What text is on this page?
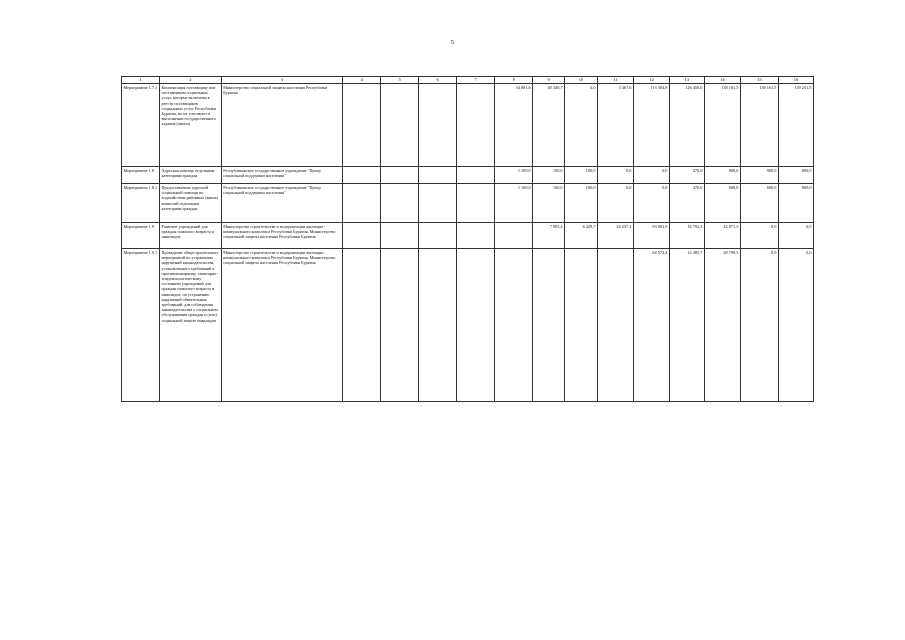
5
1	2	3	4	5	6	7	8	9	10	11	12	13	14	15	16
Мероприятие 1.7.1	Компенсация поставщику или поставщикам социальных услуг, которые включены в реестр поставщиков социальных услуг Республики Бурятия, но не участвуют в выполнении государственного задания (заказа)	Министерство социальной защиты населения Республики Бурятия					34 081,6	40 340,7	0,0	3 467,6	113 304,8	126 450,0	138 161,5	138 161,5	139 251,5
Мероприятие 1.8	Адресная помощь отдельным категориям граждан	Республиканское государственное учреждение "Центр социальной поддержки населения"					1 100,0	100,0	100,0	0,0	0,0	470,0	900,0	900,0	890,0
Мероприятие 1.8.1	Предоставление адресной социальной помощи по ходатайствам районных (каких) комиссий отдельным категориям граждан	Республиканское государственное учреждение "Центр социальной поддержки населения"					1 100,0	100,0	100,0	0,0	0,0	470,0	600,0	600,0	800,0
Мероприятие 1.9	Развитие учреждений для граждан пожилого возраста и инвалидов	Министерство строительства и модернизации жилищно-коммунального комплекса Республики Бурятия, Министерство социальной защиты населения Республики Бурятия						7 995,4	6 429,7	24 237,2	93 863,9	16 792,5	42 871,3	0,0	0,0
Мероприятие 1.9.1	Проведение общестроительных мероприятий по устранению нарушений законодательства, установленного требований к противопожарному, санитарно-эпидемиологическому состоянию учреждений для граждан пожилого возраста и инвалидов, по устранению нарушений обязательных требований, для соблюдения законодательства о социальном обслуживании граждан и (или) социальной защите инвалидов	Министерство строительства и модернизации жилищно-коммунального комплекса Республики Бурятия, Министерство социальной защиты населения Республики Бурятия									64 572,4	12 485,7	28 798,5	0,0	0,0
